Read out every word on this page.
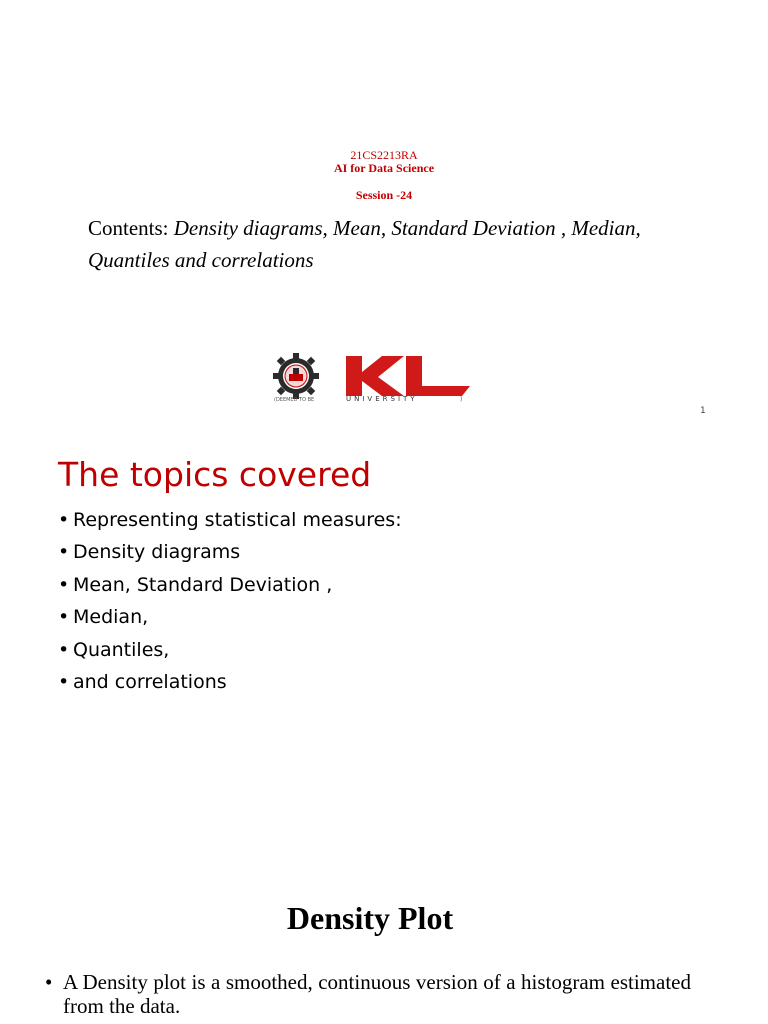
21CS2213RA
AI for Data Science
Session -24
Contents: Density diagrams, Mean, Standard Deviation , Median, Quantiles and correlations
(DEEMED TO BE	UNIVERSITY	)
1
The topics covered
• Representing statistical measures:
• Density diagrams
• Mean, Standard Deviation ,
• Median,
• Quantiles,
• and correlations
Density Plot
• A Density plot is a smoothed, continuous version of a histogram estimated from the data.
